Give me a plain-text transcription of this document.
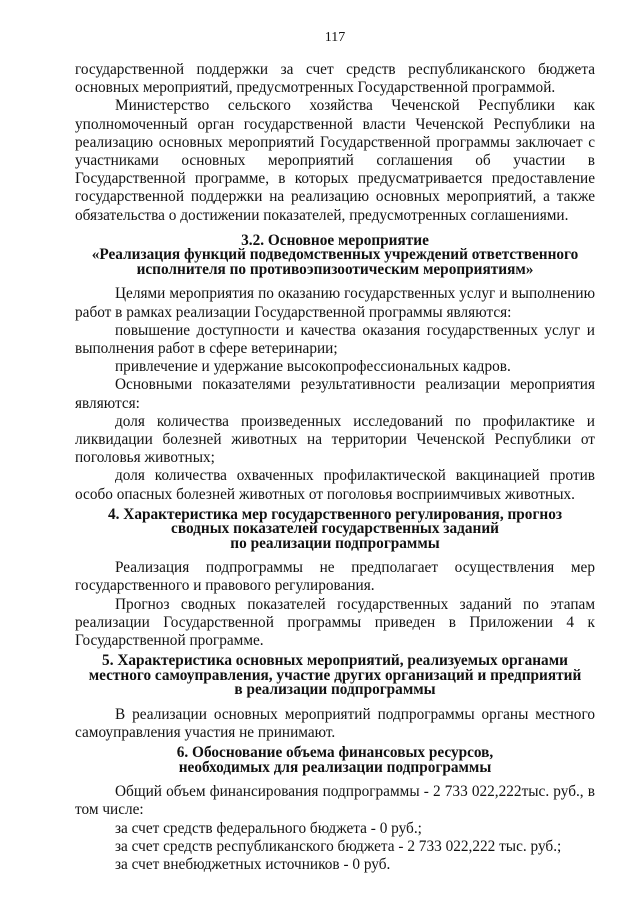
117

государственной поддержки за счет средств республиканского бюджета основных мероприятий, предусмотренных Государственной программой.

Министерство сельского хозяйства Чеченской Республики как уполномоченный орган государственной власти Чеченской Республики на реализацию основных мероприятий Государственной программы заключает с участниками основных мероприятий соглашения об участии в Государственной программе, в которых предусматривается предоставление государственной поддержки на реализацию основных мероприятий, а также обязательства о достижении показателей, предусмотренных соглашениями.

3.2. Основное мероприятие
«Реализация функций подведомственных учреждений ответственного
исполнителя по противоэпизоотическим мероприятиям»

Целями мероприятия по оказанию государственных услуг и выполнению работ в рамках реализации Государственной программы являются:

повышение доступности и качества оказания государственных услуг и выполнения работ в сфере ветеринарии;

привлечение и удержание высокопрофессиональных кадров.

Основными показателями результативности реализации мероприятия являются:

доля количества произведенных исследований по профилактике и ликвидации болезней животных на территории Чеченской Республики от поголовья животных;

доля количества охваченных профилактической вакцинацией против особо опасных болезней животных от поголовья восприимчивых животных.

4. Характеристика мер государственного регулирования, прогноз
сводных показателей государственных заданий
по реализации подпрограммы

Реализация подпрограммы не предполагает осуществления мер государственного и правового регулирования.

Прогноз сводных показателей государственных заданий по этапам реализации Государственной программы приведен в Приложении 4 к Государственной программе.

5. Характеристика основных мероприятий, реализуемых органами
местного самоуправления, участие других организаций и предприятий
в реализации подпрограммы

В реализации основных мероприятий подпрограммы органы местного самоуправления участия не принимают.

6. Обоснование объема финансовых ресурсов,
необходимых для реализации подпрограммы

Общий объем финансирования подпрограммы - 2 733 022,222тыс. руб., в том числе:

за счет средств федерального бюджета - 0 руб.;

за счет средств республиканского бюджета - 2 733 022,222 тыс. руб.;

за счет внебюджетных источников - 0 руб.
